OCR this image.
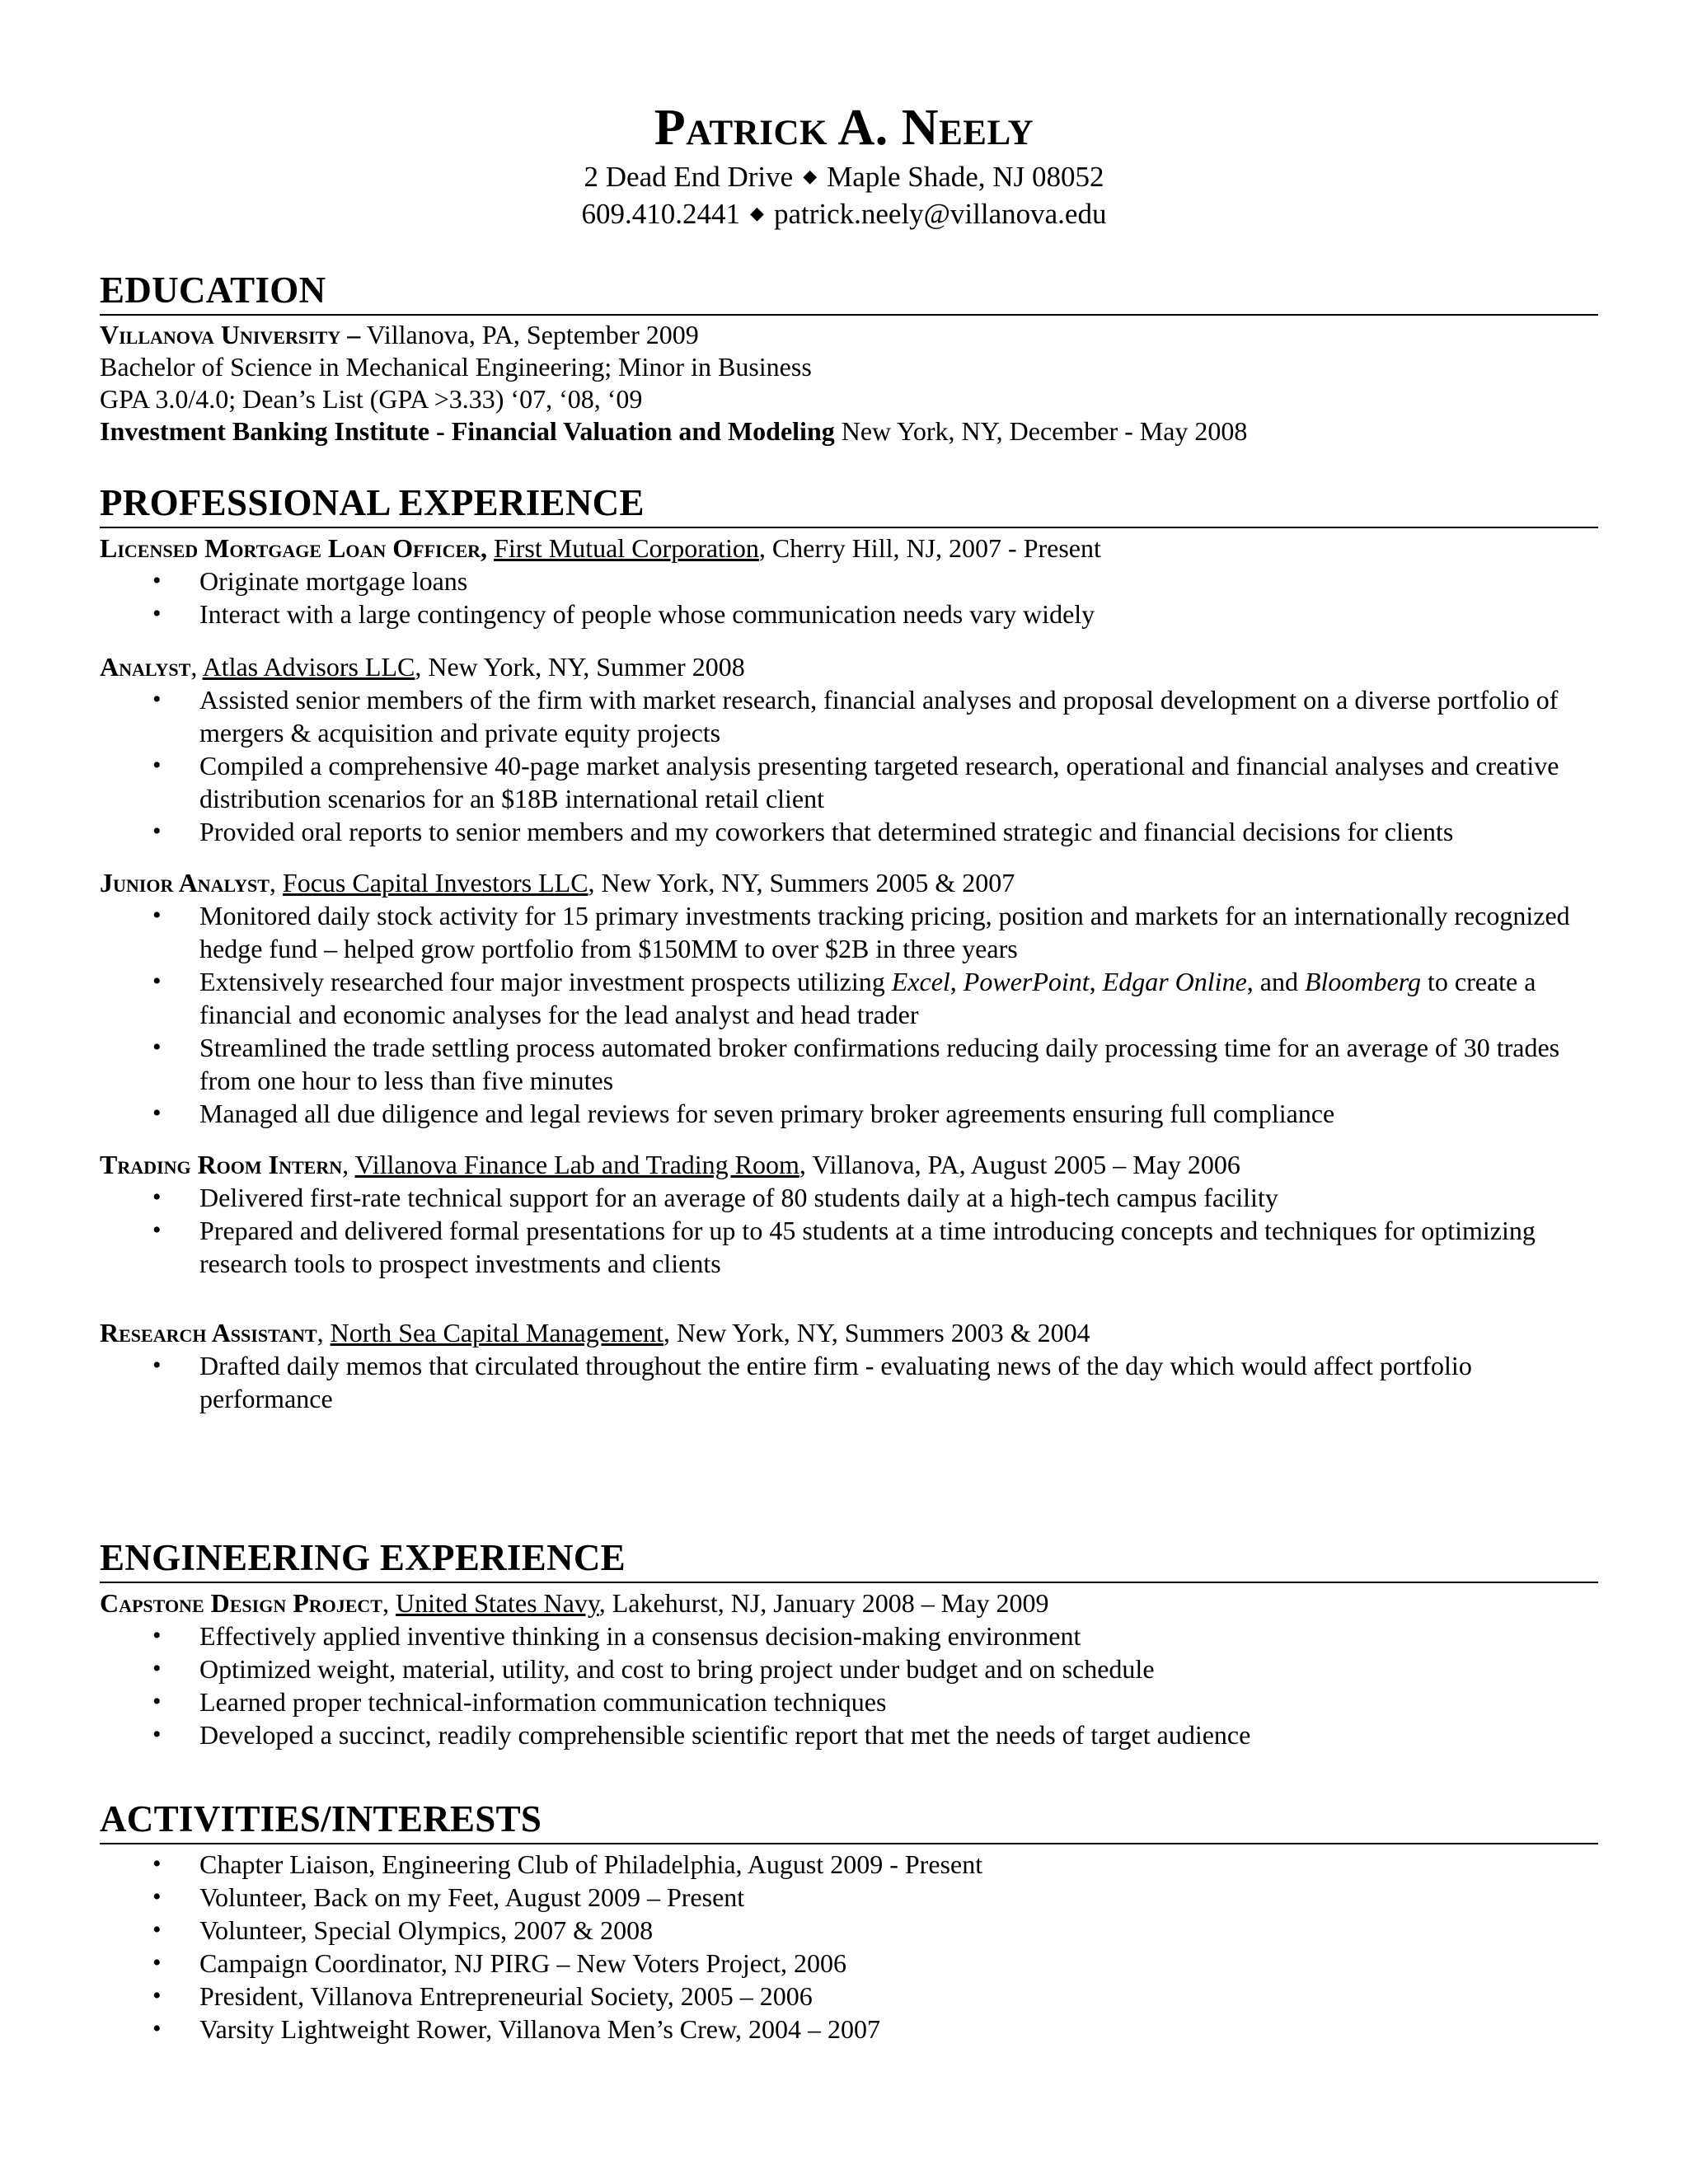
Patrick A. Neely
2 Dead End Drive ◆ Maple Shade, NJ 08052
609.410.2441 ◆ patrick.neely@villanova.edu
EDUCATION
Villanova University – Villanova, PA, September 2009
Bachelor of Science in Mechanical Engineering; Minor in Business
GPA 3.0/4.0; Dean’s List (GPA >3.33) ‘07, ‘08, ‘09
Investment Banking Institute - Financial Valuation and Modeling New York, NY, December - May 2008
PROFESSIONAL EXPERIENCE
Licensed Mortgage Loan Officer, First Mutual Corporation, Cherry Hill, NJ, 2007 - Present
• Originate mortgage loans
• Interact with a large contingency of people whose communication needs vary widely
Analyst, Atlas Advisors LLC, New York, NY, Summer 2008
• Assisted senior members of the firm with market research, financial analyses and proposal development on a diverse portfolio of mergers & acquisition and private equity projects
• Compiled a comprehensive 40-page market analysis presenting targeted research, operational and financial analyses and creative distribution scenarios for an $18B international retail client
• Provided oral reports to senior members and my coworkers that determined strategic and financial decisions for clients
Junior Analyst, Focus Capital Investors LLC, New York, NY, Summers 2005 & 2007
• Monitored daily stock activity for 15 primary investments tracking pricing, position and markets for an internationally recognized hedge fund – helped grow portfolio from $150MM to over $2B in three years
• Extensively researched four major investment prospects utilizing Excel, PowerPoint, Edgar Online, and Bloomberg to create a financial and economic analyses for the lead analyst and head trader
• Streamlined the trade settling process automated broker confirmations reducing daily processing time for an average of 30 trades from one hour to less than five minutes
• Managed all due diligence and legal reviews for seven primary broker agreements ensuring full compliance
Trading Room Intern, Villanova Finance Lab and Trading Room, Villanova, PA, August 2005 – May 2006
• Delivered first-rate technical support for an average of 80 students daily at a high-tech campus facility
• Prepared and delivered formal presentations for up to 45 students at a time introducing concepts and techniques for optimizing research tools to prospect investments and clients
Research Assistant, North Sea Capital Management, New York, NY, Summers 2003 & 2004
• Drafted daily memos that circulated throughout the entire firm - evaluating news of the day which would affect portfolio performance
ENGINEERING EXPERIENCE
Capstone Design Project, United States Navy, Lakehurst, NJ, January 2008 – May 2009
• Effectively applied inventive thinking in a consensus decision-making environment
• Optimized weight, material, utility, and cost to bring project under budget and on schedule
• Learned proper technical-information communication techniques
• Developed a succinct, readily comprehensible scientific report that met the needs of target audience
ACTIVITIES/INTERESTS
• Chapter Liaison, Engineering Club of Philadelphia, August 2009 - Present
• Volunteer, Back on my Feet, August 2009 – Present
• Volunteer, Special Olympics, 2007 & 2008
• Campaign Coordinator, NJ PIRG – New Voters Project, 2006
• President, Villanova Entrepreneurial Society, 2005 – 2006
• Varsity Lightweight Rower, Villanova Men’s Crew, 2004 – 2007
